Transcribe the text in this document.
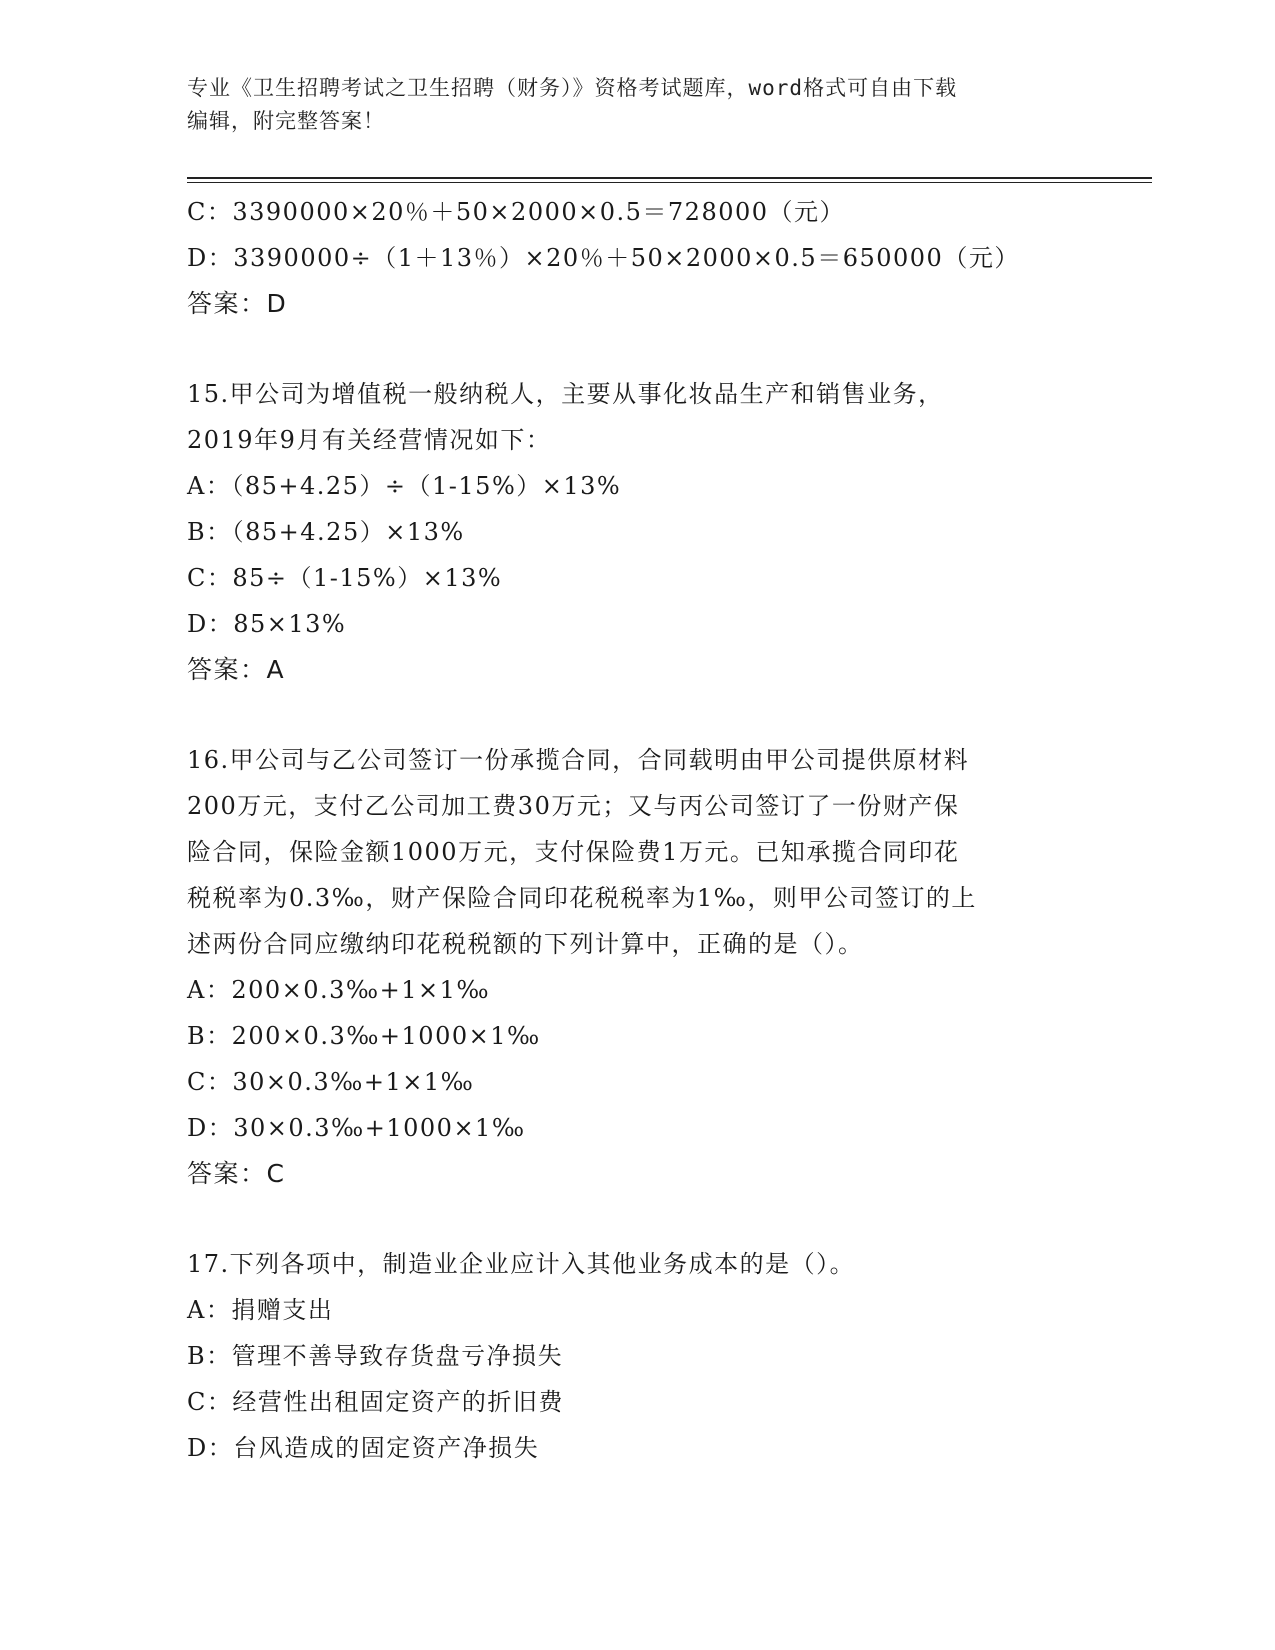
专业《卫生招聘考试之卫生招聘（财务）》资格考试题库，word格式可自由下载
编辑，附完整答案！
C：3390000×20％＋50×2000×0.5＝728000（元）
D：3390000÷（1＋13％）×20％＋50×2000×0.5＝650000（元）
答案：D
15.甲公司为增值税一般纳税人，主要从事化妆品生产和销售业务，
2019年9月有关经营情况如下：
A：（85+4.25）÷（1-15%）×13%
B：（85+4.25）×13%
C：85÷（1-15%）×13%
D：85×13%
答案：A
16.甲公司与乙公司签订一份承揽合同，合同载明由甲公司提供原材料
200万元，支付乙公司加工费30万元；又与丙公司签订了一份财产保
险合同，保险金额1000万元，支付保险费1万元。已知承揽合同印花
税税率为0.3‰，财产保险合同印花税税率为1‰，则甲公司签订的上
述两份合同应缴纳印花税税额的下列计算中，正确的是（）。
A：200×0.3‰+1×1‰
B：200×0.3‰+1000×1‰
C：30×0.3‰+1×1‰
D：30×0.3‰+1000×1‰
答案：C
17.下列各项中，制造业企业应计入其他业务成本的是（）。
A：捐赠支出
B：管理不善导致存货盘亏净损失
C：经营性出租固定资产的折旧费
D：台风造成的固定资产净损失
